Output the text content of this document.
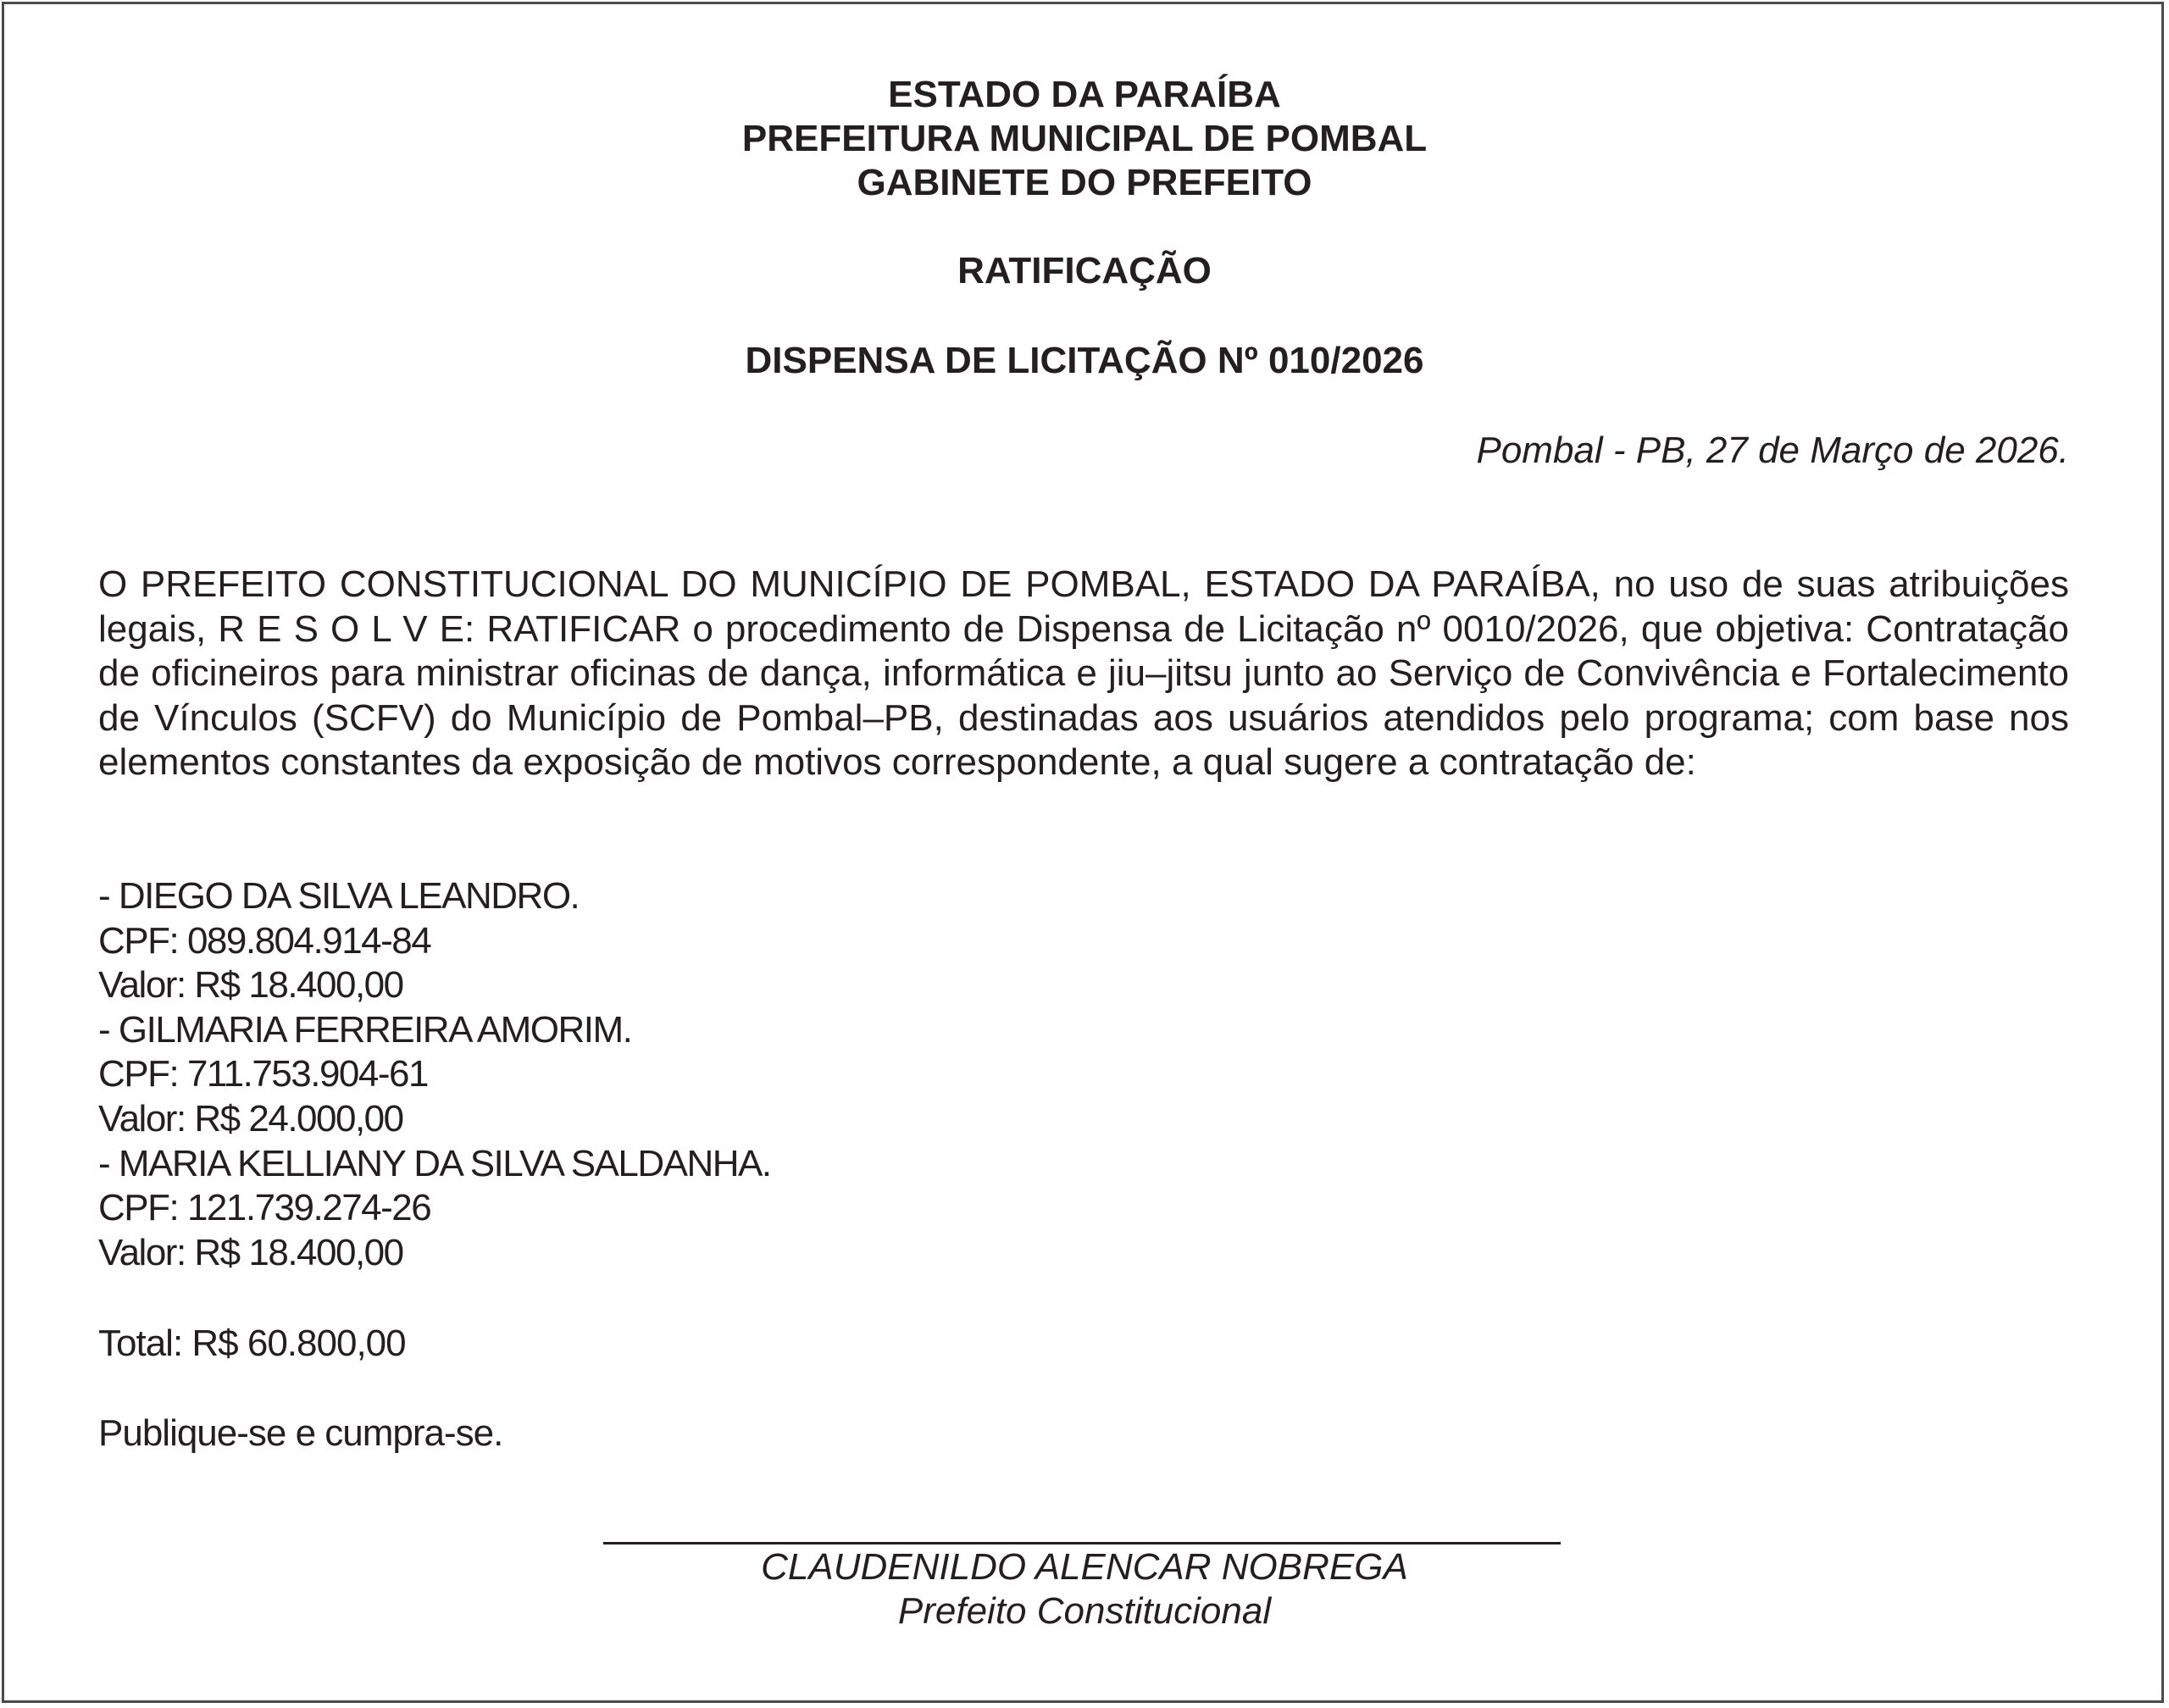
ESTADO DA PARAÍBA
PREFEITURA MUNICIPAL DE POMBAL
GABINETE DO PREFEITO
RATIFICAÇÃO
DISPENSA DE LICITAÇÃO Nº 010/2026
Pombal - PB, 27 de Março de 2026.
O PREFEITO CONSTITUCIONAL DO MUNICÍPIO DE POMBAL, ESTADO DA PARAÍBA, no uso de suas atribuições legais, R E S O L V E: RATIFICAR o procedimento de Dispensa de Licitação nº 0010/2026, que objetiva: Contratação de oficineiros para ministrar oficinas de dança, informática e jiu–jitsu junto ao Serviço de Convivência e Fortalecimento de Vínculos (SCFV) do Município de Pombal–PB, destinadas aos usuários atendidos pelo programa; com base nos elementos constantes da exposição de motivos correspondente, a qual sugere a contratação de:
- DIEGO DA SILVA LEANDRO.
CPF: 089.804.914-84
Valor: R$ 18.400,00
- GILMARIA FERREIRA AMORIM.
CPF: 711.753.904-61
Valor: R$ 24.000,00
- MARIA KELLIANY DA SILVA SALDANHA.
CPF: 121.739.274-26
Valor: R$ 18.400,00
Total: R$ 60.800,00
Publique-se e cumpra-se.
CLAUDENILDO ALENCAR NOBREGA
Prefeito Constitucional
